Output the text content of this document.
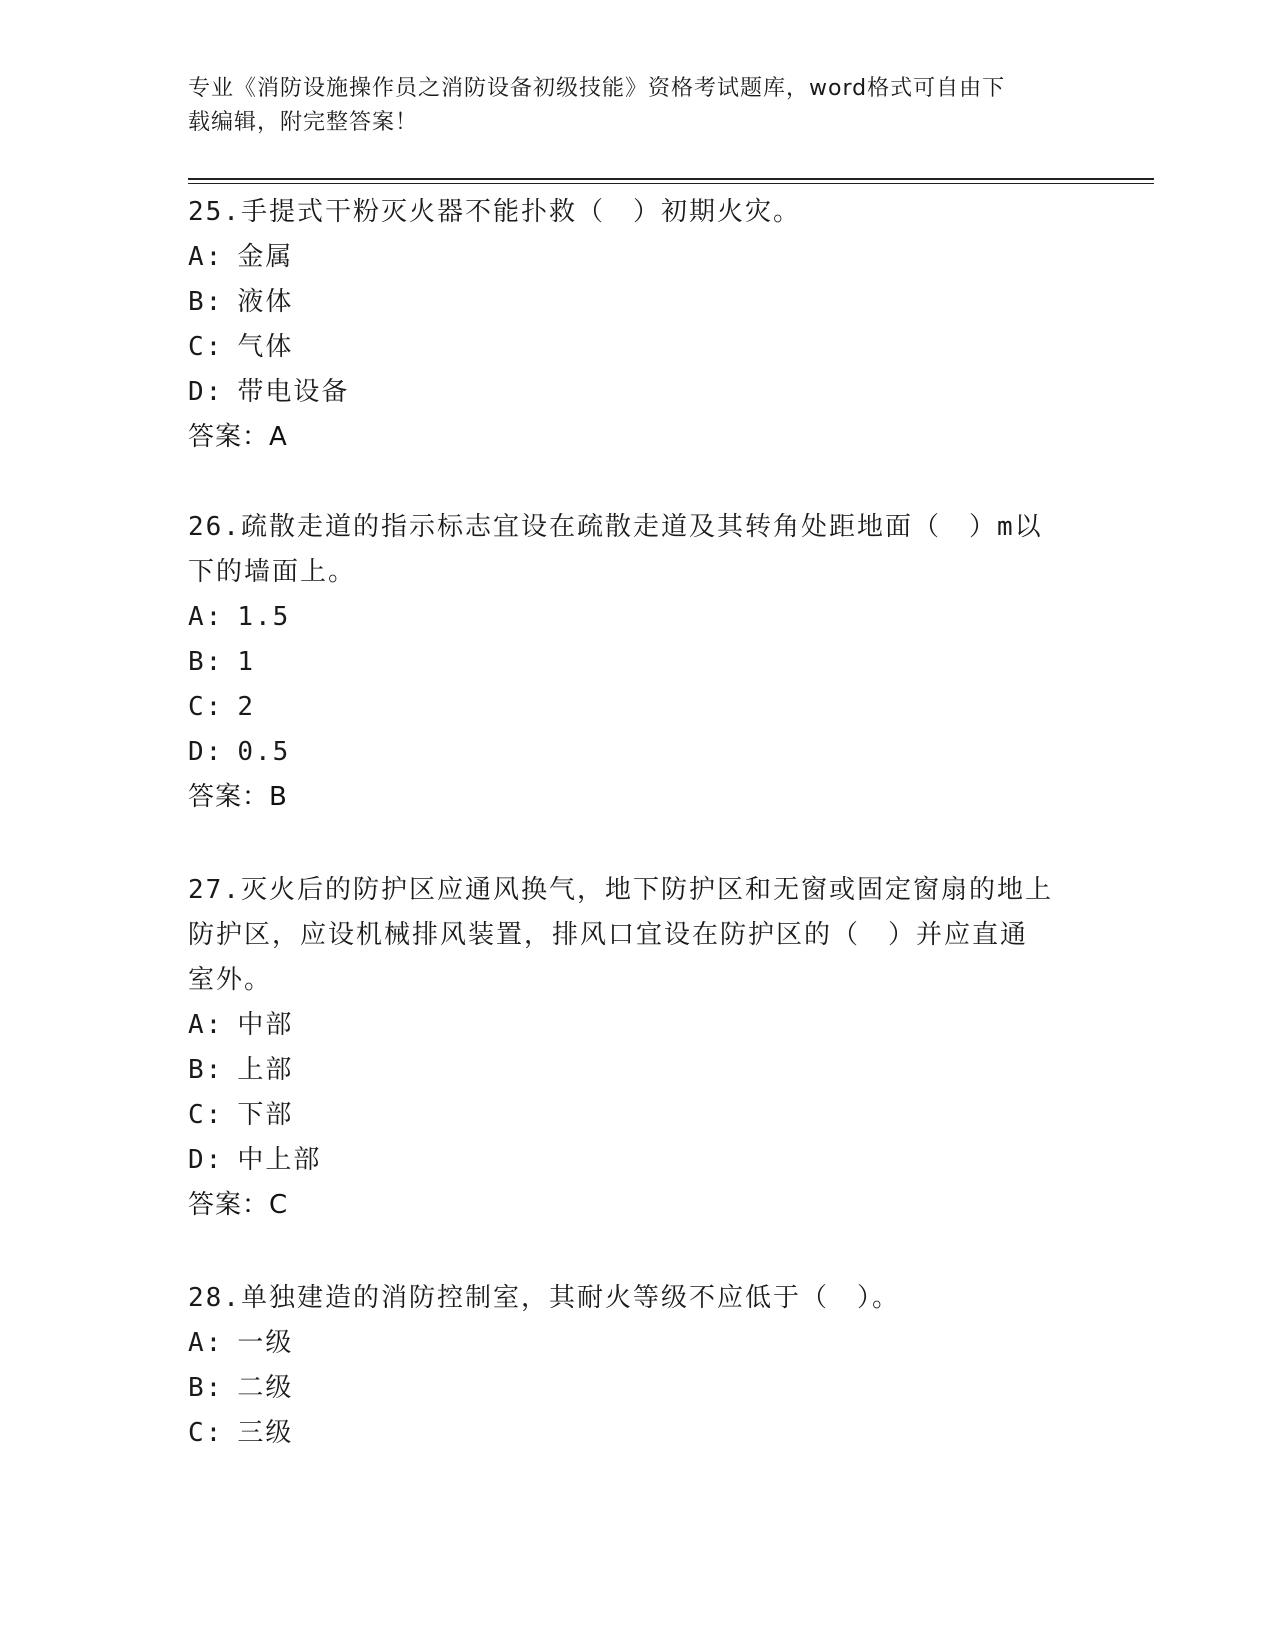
专业《消防设施操作员之消防设备初级技能》资格考试题库，word格式可自由下
载编辑，附完整答案！

25.手提式干粉灭火器不能扑救（　）初期火灾。

A: 金属

B: 液体

C: 气体

D: 带电设备

答案：A

26.疏散走道的指示标志宜设在疏散走道及其转角处距地面（　）m以
下的墙面上。

A: 1.5

B: 1

C: 2

D: 0.5

答案：B

27.灭火后的防护区应通风换气，地下防护区和无窗或固定窗扇的地上
防护区，应设机械排风装置，排风口宜设在防护区的（　）并应直通
室外。

A: 中部

B: 上部

C: 下部

D: 中上部

答案：C

28.单独建造的消防控制室，其耐火等级不应低于（　）。

A: 一级

B: 二级

C: 三级
